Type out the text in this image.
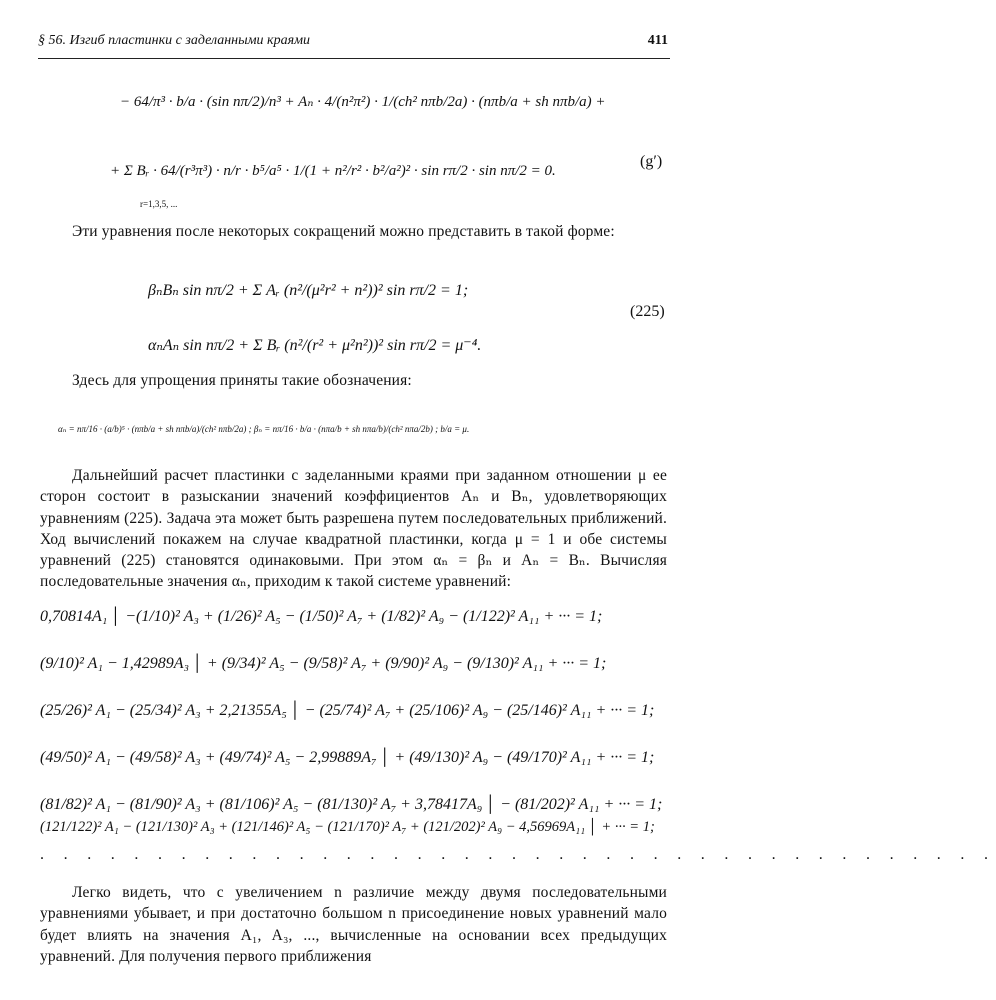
§ 56. Изгиб пластинки с заделанными краями	411
− 64/π³ · b/a · (sin nπ/2)/n³ + Aₙ · 4/(n²π²) · 1/(ch² nπb/2a) · (nπb/a + sh nπb/a) +
+ Σ Bᵣ · 64/(r³π³) · n/r · b⁵/a⁵ · 1/(1 + n²/r² · b²/a²)² · sin rπ/2 · sin nπ/2 = 0.
r=1,3,5, ...
(g′)
Эти уравнения после некоторых сокращений можно представить в такой форме:
βₙBₙ sin nπ/2 + Σ Aᵣ (n²/(μ²r² + n²))² sin rπ/2 = 1;
αₙAₙ sin nπ/2 + Σ Bᵣ (n²/(r² + μ²n²))² sin rπ/2 = μ⁻⁴.
(225)
Здесь для упрощения приняты такие обозначения:
αₙ = nπ/16 · (a/b)⁵ · (nπb/a + sh nπb/a)/(ch² nπb/2a) ; βₙ = nπ/16 · b/a · (nπa/b + sh nπa/b)/(ch² nπa/2b) ; b/a = μ.
Дальнейший расчет пластинки с заделанными краями при заданном отношении μ ее сторон состоит в разыскании значений коэффициентов Aₙ и Bₙ, удовлетворяющих уравнениям (225). Задача эта может быть разрешена путем последовательных приближений. Ход вычислений покажем на случае квадратной пластинки, когда μ = 1 и обе системы уравнений (225) становятся одинаковыми. При этом αₙ = βₙ и Aₙ = Bₙ. Вычисляя последовательные значения αₙ, приходим к такой системе уравнений:
0,70814A₁ │ −(1/10)² A₃ + (1/26)² A₅ − (1/50)² A₇ + (1/82)² A₉ − (1/122)² A₁₁ + ··· = 1;
(9/10)² A₁ − 1,42989A₃ │ + (9/34)² A₅ − (9/58)² A₇ + (9/90)² A₉ − (9/130)² A₁₁ + ··· = 1;
(25/26)² A₁ − (25/34)² A₃ + 2,21355A₅ │ − (25/74)² A₇ + (25/106)² A₉ − (25/146)² A₁₁ + ··· = 1;
(49/50)² A₁ − (49/58)² A₃ + (49/74)² A₅ − 2,99889A₇ │ + (49/130)² A₉ − (49/170)² A₁₁ + ··· = 1;
(81/82)² A₁ − (81/90)² A₃ + (81/106)² A₅ − (81/130)² A₇ + 3,78417A₉ │ − (81/202)² A₁₁ + ··· = 1;
(121/122)² A₁ − (121/130)² A₃ + (121/146)² A₅ − (121/170)² A₇ + (121/202)² A₉ − 4,56969A₁₁ │ + ··· = 1;
. . . . . . . . . . . . . . . . . . . . . . . . . . . . . . . . . . . . . . . . .
Легко видеть, что с увеличением n различие между двумя последовательными уравнениями убывает, и при достаточно большом n присоединение новых уравнений мало будет влиять на значения A₁, A₃, ..., вычисленные на основании всех предыдущих уравнений. Для получения первого приближения
